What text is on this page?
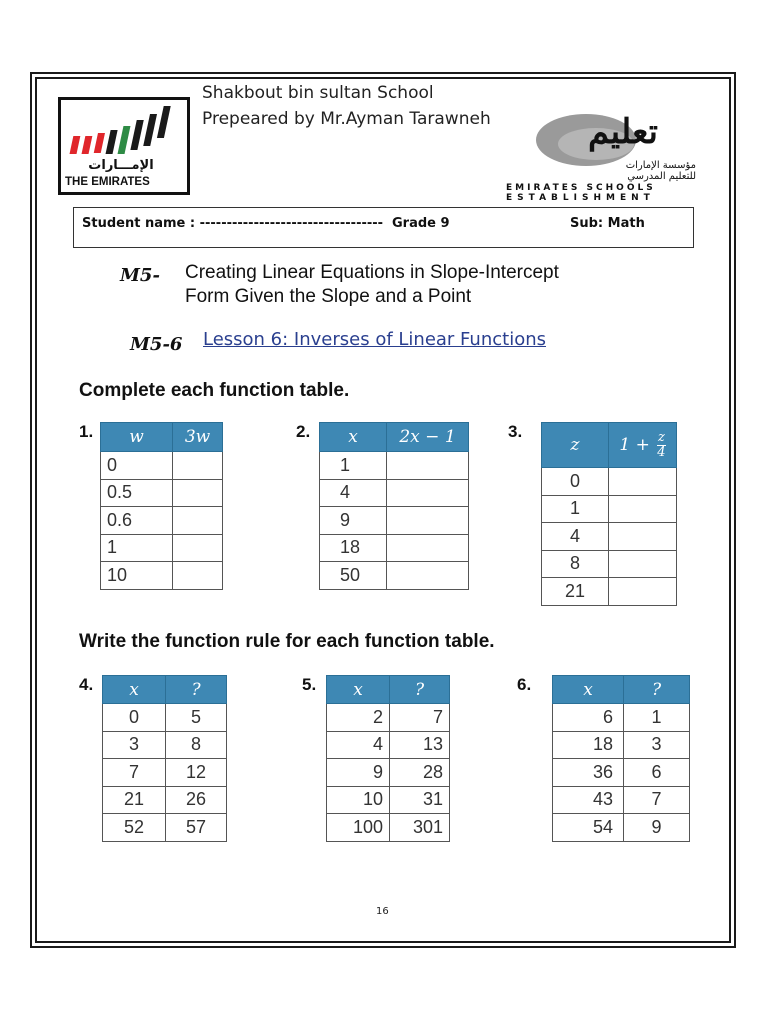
الإمـــارات
THE EMIRATES
Shakbout bin sultan School
Prepeared by Mr.Ayman Tarawneh	تعليم
مؤسسة الإمارات
للتعليم المدرسي
EMIRATES SCHOOLS
ESTABLISHMENT
Student name : ---------------------------------- Grade 9	Sub: Math
M5- Creating Linear Equations in Slope-Intercept
Form Given the Slope and a Point
M5-6 Lesson 6: Inverses of Linear Functions
Complete each function table.
1. w	3w
0	
0.5	
0.6	
1	
10	
2. x	2x − 1
1	
4	
9	
18	
50	
3.
z	$1 + \frac{z}{4}$

0	
1	
4	
8	
21	
Write the function rule for each function table.
4. x	?
0	5
3	8
7	12
21	26
52	57
5. x	?
2	7
4	13
9	28
10	31
100	301
6.	x	?
6	1
18	3
36	6
43	7
54	9
16
